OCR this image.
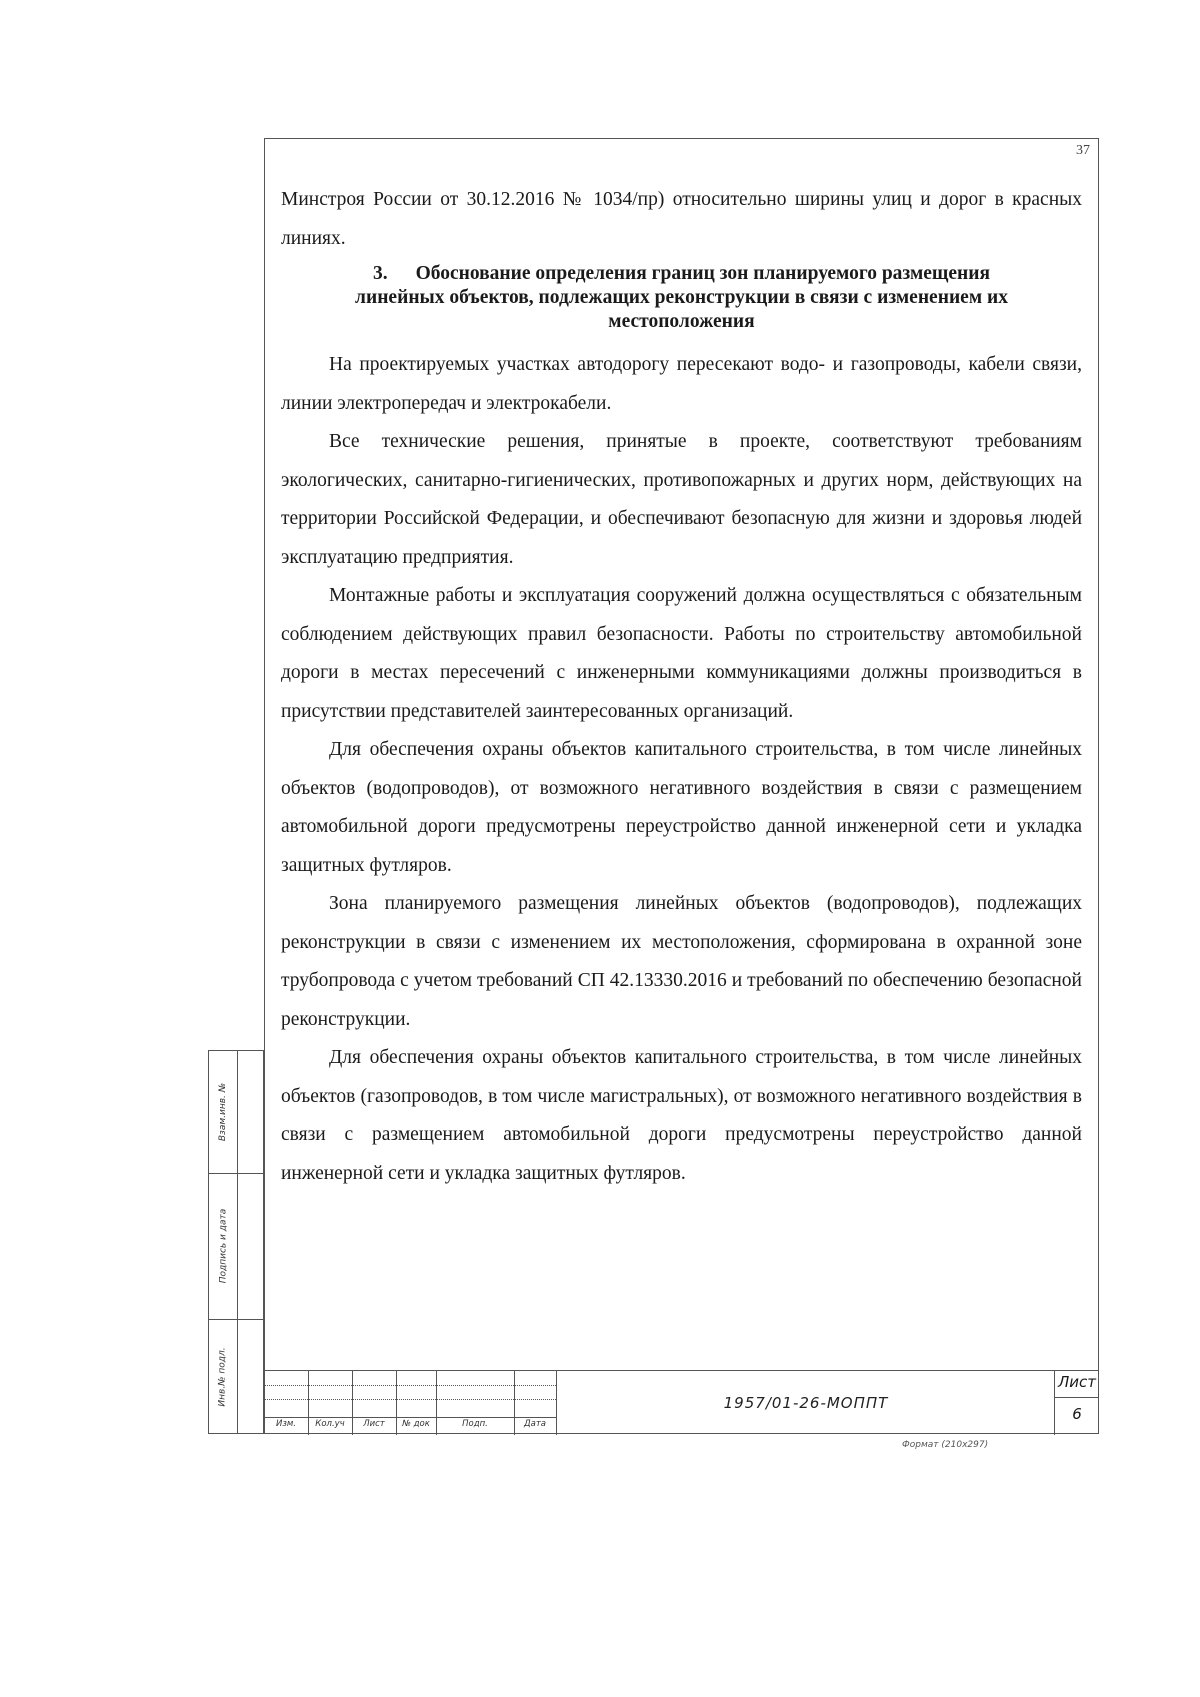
37

Минстроя России от 30.12.2016 № 1034/пр) относительно ширины улиц и дорог в красных линиях.

3. Обоснование определения границ зон планируемого размещения
линейных объектов, подлежащих реконструкции в связи с изменением их
местоположения

На проектируемых участках автодорогу пересекают водо- и газопроводы, кабели связи, линии электропередач и электрокабели.

Все технические решения, принятые в проекте, соответствуют требованиям экологических, санитарно-гигиенических, противопожарных и других норм, действующих на территории Российской Федерации, и обеспечивают безопасную для жизни и здоровья людей эксплуатацию предприятия.

Монтажные работы и эксплуатация сооружений должна осуществляться с обязательным соблюдением действующих правил безопасности. Работы по строительству автомобильной дороги в местах пересечений с инженерными коммуникациями должны производиться в присутствии представителей заинтересованных организаций.

Для обеспечения охраны объектов капитального строительства, в том числе линейных объектов (водопроводов), от возможного негативного воздействия в связи с размещением автомобильной дороги предусмотрены переустройство данной инженерной сети и укладка защитных футляров.

Зона планируемого размещения линейных объектов (водопроводов), подлежащих реконструкции в связи с изменением их местоположения, сформирована в охранной зоне трубопровода с учетом требований СП 42.13330.2016 и требований по обеспечению безопасной реконструкции.

Для обеспечения охраны объектов капитального строительства, в том числе линейных объектов (газопроводов, в том числе магистральных), от возможного негативного воздействия в связи с размещением автомобильной дороги предусмотрены переустройство данной инженерной сети и укладка защитных футляров.

Взам.инв. №
Подпись и дата
Инв.№ подл.
Изм.	Кол.уч	Лист	№ док	Подп.	Дата
1957/01-26-МОППТ
Лист
6
Формат (210х297)
